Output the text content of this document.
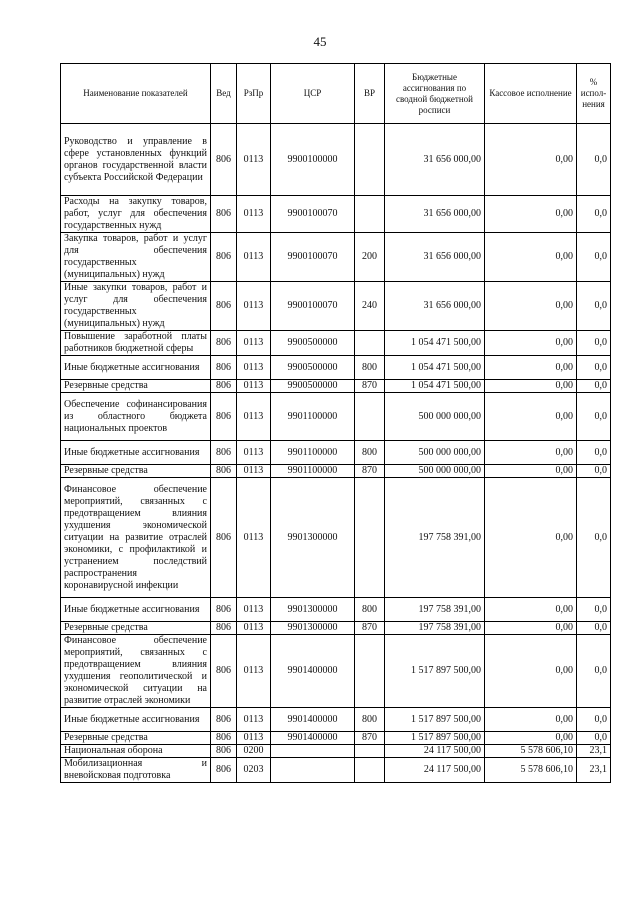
45
Наименование показателей	Вед	РзПр	ЦСР	ВР	Бюджетные ассигнования по сводной бюджетной росписи	Кассовое исполнение	% испол-нения
Руководство и управление в сфере установленных функций органов государственной власти субъекта Российской Федерации	806	0113	9900100000		31 656 000,00	0,00	0,0
Расходы на закупку товаров, работ, услуг для обеспечения государственных нужд	806	0113	9900100070		31 656 000,00	0,00	0,0
Закупка товаров, работ и услуг для обеспечения государственных (муниципальных) нужд	806	0113	9900100070	200	31 656 000,00	0,00	0,0
Иные закупки товаров, работ и услуг для обеспечения государственных (муниципальных) нужд	806	0113	9900100070	240	31 656 000,00	0,00	0,0
Повышение заработной платы работников бюджетной сферы	806	0113	9900500000		1 054 471 500,00	0,00	0,0
Иные бюджетные ассигнования	806	0113	9900500000	800	1 054 471 500,00	0,00	0,0
Резервные средства	806	0113	9900500000	870	1 054 471 500,00	0,00	0,0
Обеспечение софинансирования из областного бюджета национальных проектов	806	0113	9901100000		500 000 000,00	0,00	0,0
Иные бюджетные ассигнования	806	0113	9901100000	800	500 000 000,00	0,00	0,0
Резервные средства	806	0113	9901100000	870	500 000 000,00	0,00	0,0
Финансовое обеспечение мероприятий, связанных с предотвращением влияния ухудшения экономической ситуации на развитие отраслей экономики, с профилактикой и устранением последствий распространения коронавирусной инфекции	806	0113	9901300000		197 758 391,00	0,00	0,0
Иные бюджетные ассигнования	806	0113	9901300000	800	197 758 391,00	0,00	0,0
Резервные средства	806	0113	9901300000	870	197 758 391,00	0,00	0,0
Финансовое обеспечение мероприятий, связанных с предотвращением влияния ухудшения геополитической и экономической ситуации на развитие отраслей экономики	806	0113	9901400000		1 517 897 500,00	0,00	0,0
Иные бюджетные ассигнования	806	0113	9901400000	800	1 517 897 500,00	0,00	0,0
Резервные средства	806	0113	9901400000	870	1 517 897 500,00	0,00	0,0
Национальная оборона	806	0200			24 117 500,00	5 578 606,10	23,1
Мобилизационная и вневойсковая подготовка	806	0203			24 117 500,00	5 578 606,10	23,1
